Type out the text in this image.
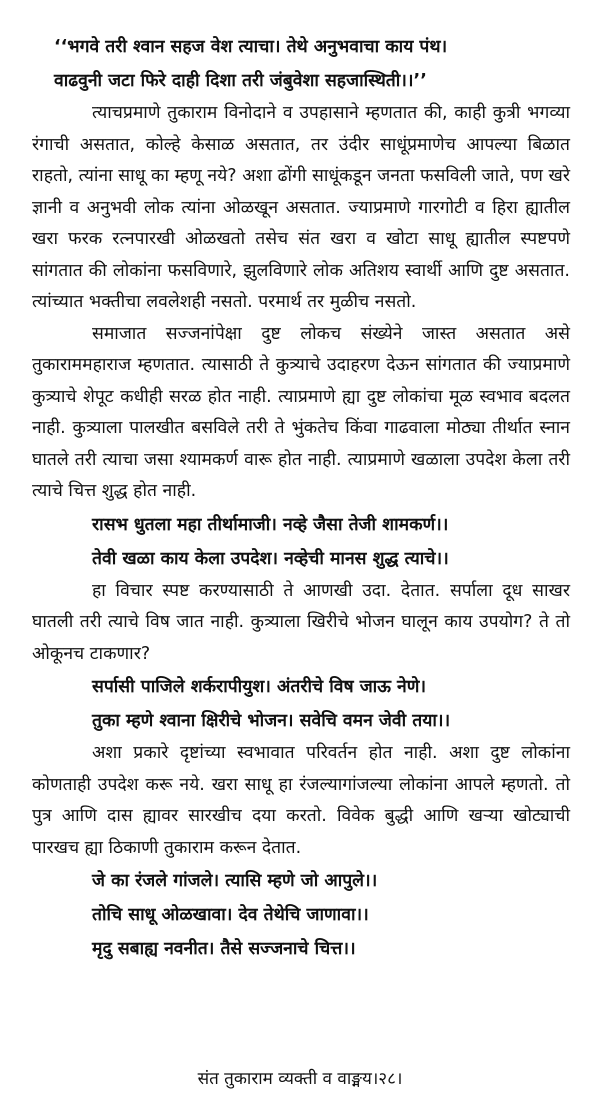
‘‘भगवे तरी श्वान सहज वेश त्याचा। तेथे अनुभवाचा काय पंथ।
वाढवुनी जटा फिरे दाही दिशा तरी जंबुवेशा सहजास्थिती।।’’

त्याचप्रमाणे तुकाराम विनोदाने व उपहासाने म्हणतात की, काही कुत्री भगव्या रंगाची असतात, कोल्हे केसाळ असतात, तर उंदीर साधूंप्रमाणेच आपल्या बिळात राहतो, त्यांना साधू का म्हणू नये? अशा ढोंगी साधूंकडून जनता फसविली जाते, पण खरे ज्ञानी व अनुभवी लोक त्यांना ओळखून असतात. ज्याप्रमाणे गारगोटी व हिरा ह्यातील खरा फरक रत्नपारखी ओळखतो तसेच संत खरा व खोटा साधू ह्यातील स्पष्टपणे सांगतात की लोकांना फसविणारे, झुलविणारे लोक अतिशय स्वार्थी आणि दुष्ट असतात. त्यांच्यात भक्तीचा लवलेशही नसतो. परमार्थ तर मुळीच नसतो.

समाजात सज्जनांपेक्षा दुष्ट लोकच संख्येने जास्त असतात असे तुकाराममहाराज म्हणतात. त्यासाठी ते कुत्र्याचे उदाहरण देऊन सांगतात की ज्याप्रमाणे कुत्र्याचे शेपूट कधीही सरळ होत नाही. त्याप्रमाणे ह्या दुष्ट लोकांचा मूळ स्वभाव बदलत नाही. कुत्र्याला पालखीत बसविले तरी ते भुंकतेच किंवा गाढवाला मोठ्या तीर्थात स्नान घातले तरी त्याचा जसा श्यामकर्ण वारू होत नाही. त्याप्रमाणे खळाला उपदेश केला तरी त्याचे चित्त शुद्ध होत नाही.

रासभ धुतला महा तीर्थामाजी। नव्हे जैसा तेजी शामकर्ण।।
तेवी खळा काय केला उपदेश। नव्हेची मानस शुद्ध त्याचे।।

हा विचार स्पष्ट करण्यासाठी ते आणखी उदा. देतात. सर्पाला दूध साखर घातली तरी त्याचे विष जात नाही. कुत्र्याला खिरीचे भोजन घालून काय उपयोग? ते तो ओकूनच टाकणार?

सर्पासी पाजिले शर्करापीयुश। अंतरीचे विष जाऊ नेणे।
तुका म्हणे श्वाना क्षिरीचे भोजन। सवेचि वमन जेवी तया।।

अशा प्रकारे दृष्टांच्या स्वभावात परिवर्तन होत नाही. अशा दुष्ट लोकांना कोणताही उपदेश करू नये. खरा साधू हा रंजल्यागांजल्या लोकांना आपले म्हणतो. तो पुत्र आणि दास ह्यावर सारखीच दया करतो. विवेक बुद्धी आणि खऱ्या खोट्याची पारखच ह्या ठिकाणी तुकाराम करून देतात.

जे का रंजले गांजले। त्यासि म्हणे जो आपुले।।
तोचि साधू ओळखावा। देव तेथेचि जाणावा।।
मृदु सबाह्य नवनीत। तैसे सज्जनाचे चित्त।।
संत तुकाराम व्यक्ती व वाङ्मय।२८।
